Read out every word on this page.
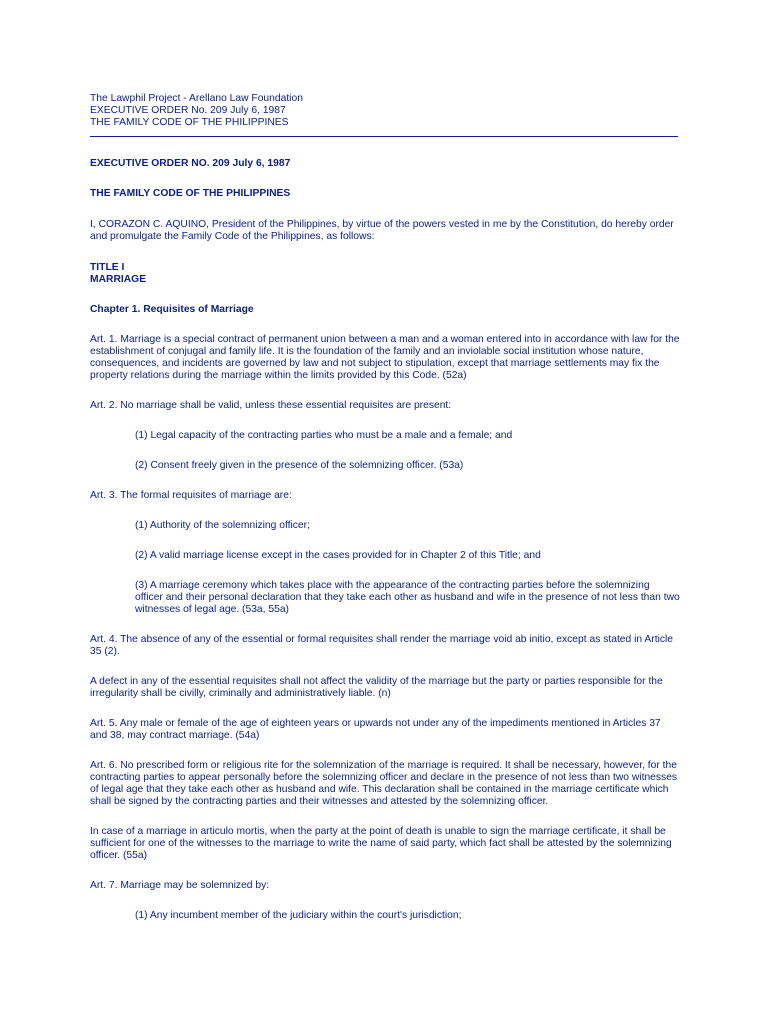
The Lawphil Project - Arellano Law Foundation
EXECUTIVE ORDER No. 209 July 6, 1987
THE FAMILY CODE OF THE PHILIPPINES

EXECUTIVE ORDER NO. 209 July 6, 1987

THE FAMILY CODE OF THE PHILIPPINES

I, CORAZON C. AQUINO, President of the Philippines, by virtue of the powers vested in me by the Constitution, do hereby order and promulgate the Family Code of the Philippines, as follows:

TITLE I

MARRIAGE

Chapter 1. Requisites of Marriage

Art. 1. Marriage is a special contract of permanent union between a man and a woman entered into in accordance with law for the establishment of conjugal and family life. It is the foundation of the family and an inviolable social institution whose nature, consequences, and incidents are governed by law and not subject to stipulation, except that marriage settlements may fix the property relations during the marriage within the limits provided by this Code. (52a)

Art. 2. No marriage shall be valid, unless these essential requisites are present:

(1) Legal capacity of the contracting parties who must be a male and a female; and

(2) Consent freely given in the presence of the solemnizing officer. (53a)

Art. 3. The formal requisites of marriage are:

(1) Authority of the solemnizing officer;

(2) A valid marriage license except in the cases provided for in Chapter 2 of this Title; and

(3) A marriage ceremony which takes place with the appearance of the contracting parties before the solemnizing officer and their personal declaration that they take each other as husband and wife in the presence of not less than two witnesses of legal age. (53a, 55a)

Art. 4. The absence of any of the essential or formal requisites shall render the marriage void ab initio, except as stated in Article 35 (2).

A defect in any of the essential requisites shall not affect the validity of the marriage but the party or parties responsible for the irregularity shall be civilly, criminally and administratively liable. (n)

Art. 5. Any male or female of the age of eighteen years or upwards not under any of the impediments mentioned in Articles 37 and 38, may contract marriage. (54a)

Art. 6. No prescribed form or religious rite for the solemnization of the marriage is required. It shall be necessary, however, for the contracting parties to appear personally before the solemnizing officer and declare in the presence of not less than two witnesses of legal age that they take each other as husband and wife. This declaration shall be contained in the marriage certificate which shall be signed by the contracting parties and their witnesses and attested by the solemnizing officer.

In case of a marriage in articulo mortis, when the party at the point of death is unable to sign the marriage certificate, it shall be sufficient for one of the witnesses to the marriage to write the name of said party, which fact shall be attested by the solemnizing officer. (55a)

Art. 7. Marriage may be solemnized by:

(1) Any incumbent member of the judiciary within the court's jurisdiction;
